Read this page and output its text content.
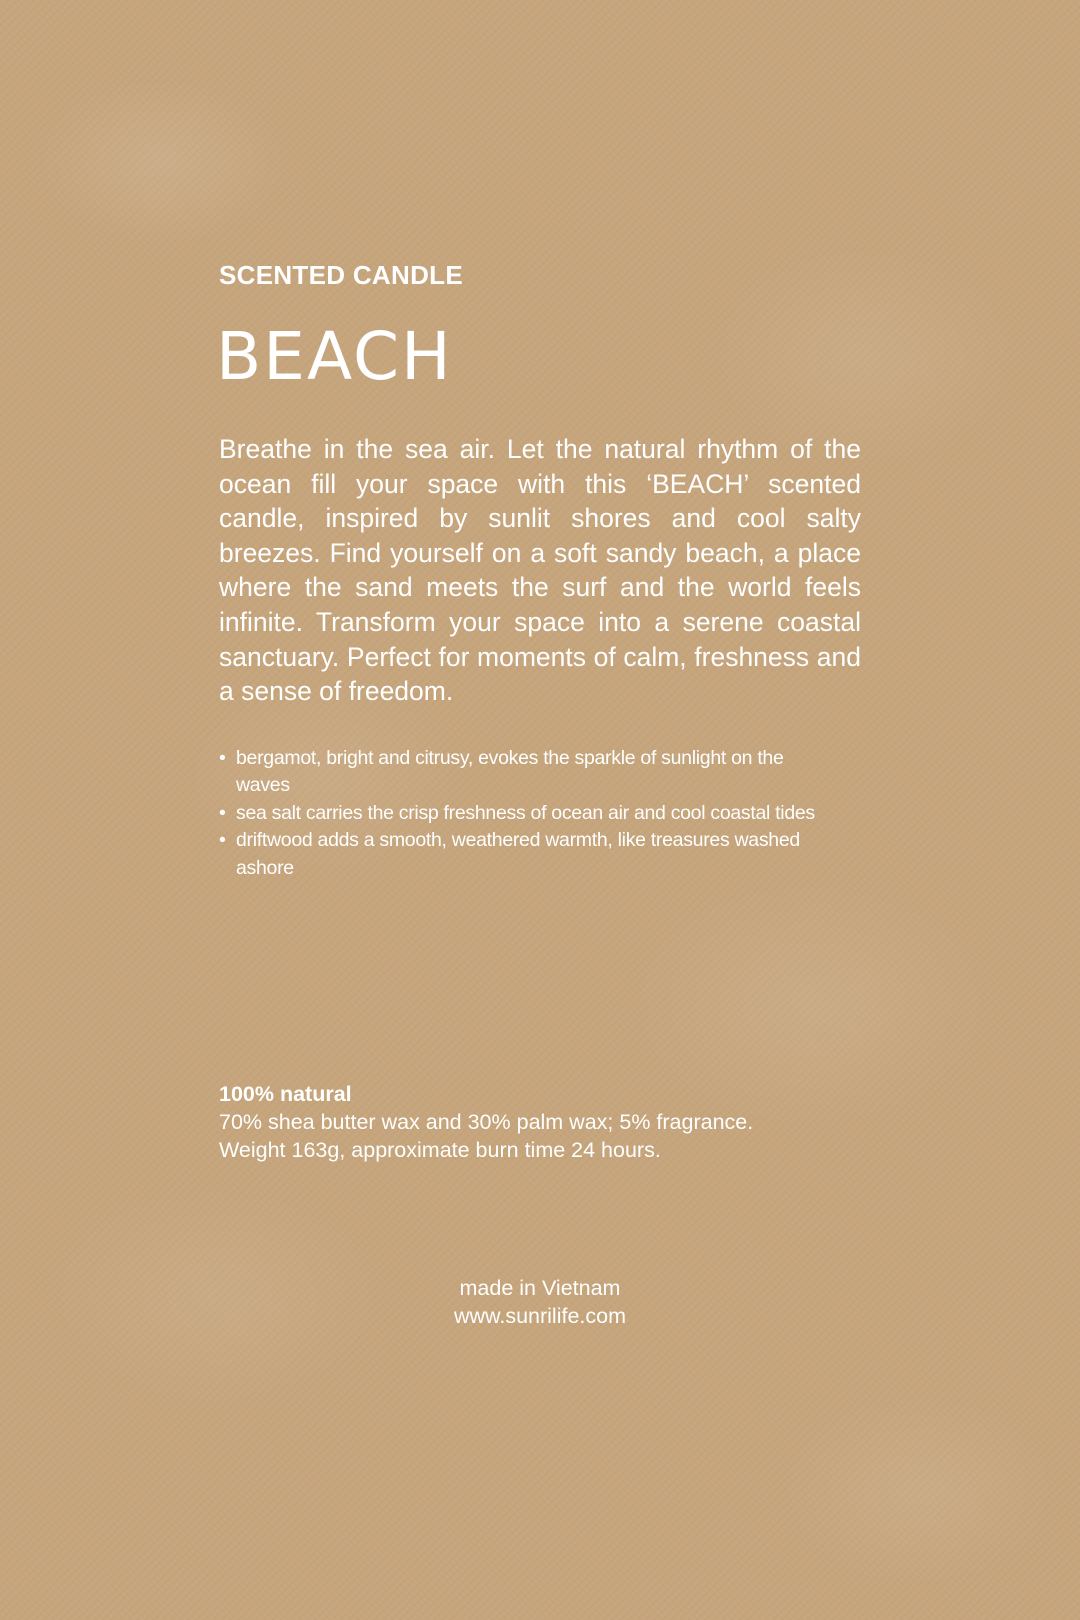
SCENTED CANDLE
BEACH

Breathe in the sea air. Let the natural rhythm of the ocean fill your space with this ‘BEACH’ scented candle, inspired by sunlit shores and cool salty breezes. Find yourself on a soft sandy beach, a place where the sand meets the surf and the world feels infinite. Transform your space into a serene coastal sanctuary. Perfect for moments of calm, freshness and a sense of freedom.

• bergamot, bright and citrusy, evokes the sparkle of sunlight on the waves
• sea salt carries the crisp freshness of ocean air and cool coastal tides
• driftwood adds a smooth, weathered warmth, like treasures washed ashore
100% natural
70% shea butter wax and 30% palm wax; 5% fragrance.
Weight 163g, approximate burn time 24 hours.
made in Vietnam
www.sunrilife.com
